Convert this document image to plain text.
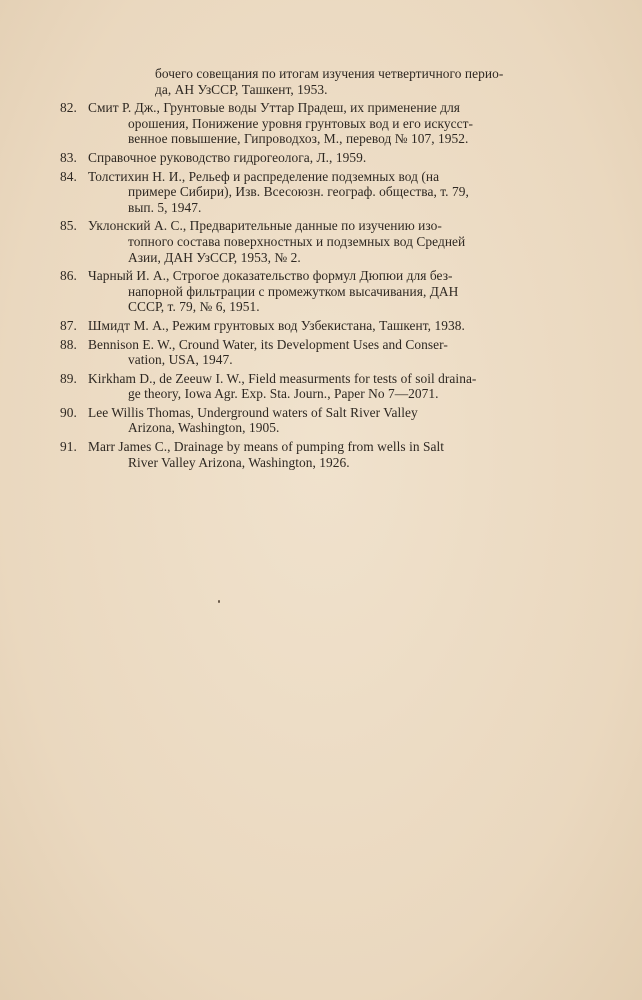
бочего совещания по итогам изучения четвертичного перио-
да, АН УзССР, Ташкент, 1953.
82. Смит Р. Дж., Грунтовые воды Уттар Прадеш, их применение для
орошения, Понижение уровня грунтовых вод и его искусст-
венное повышение, Гипроводхоз, М., перевод № 107, 1952.
83. Справочное руководство гидрогеолога, Л., 1959.
84. Толстихин Н. И., Рельеф и распределение подземных вод (на
примере Сибири), Изв. Всесоюзн. географ. общества, т. 79,
вып. 5, 1947.
85. Уклонский А. С., Предварительные данные по изучению изо-
топного состава поверхностных и подземных вод Средней
Азии, ДАН УзССР, 1953, № 2.
86. Чарный И. А., Строгое доказательство формул Дюпюи для без-
напорной фильтрации с промежутком высачивания, ДАН
СССР, т. 79, № 6, 1951.
87. Шмидт М. А., Режим грунтовых вод Узбекистана, Ташкент, 1938.
88. Bennison E. W., Cround Water, its Development Uses and Conser-
vation, USA, 1947.
89. Kirkham D., de Zeeuw I. W., Field measurments for tests of soil draina-
ge theory, Iowa Agr. Exp. Sta. Journ., Paper No 7—2071.
90. Lee Willis Thomas, Underground waters of Salt River Valley
Arizona, Washington, 1905.
91. Marr James C., Drainage by means of pumping from wells in Salt
River Valley Arizona, Washington, 1926.
